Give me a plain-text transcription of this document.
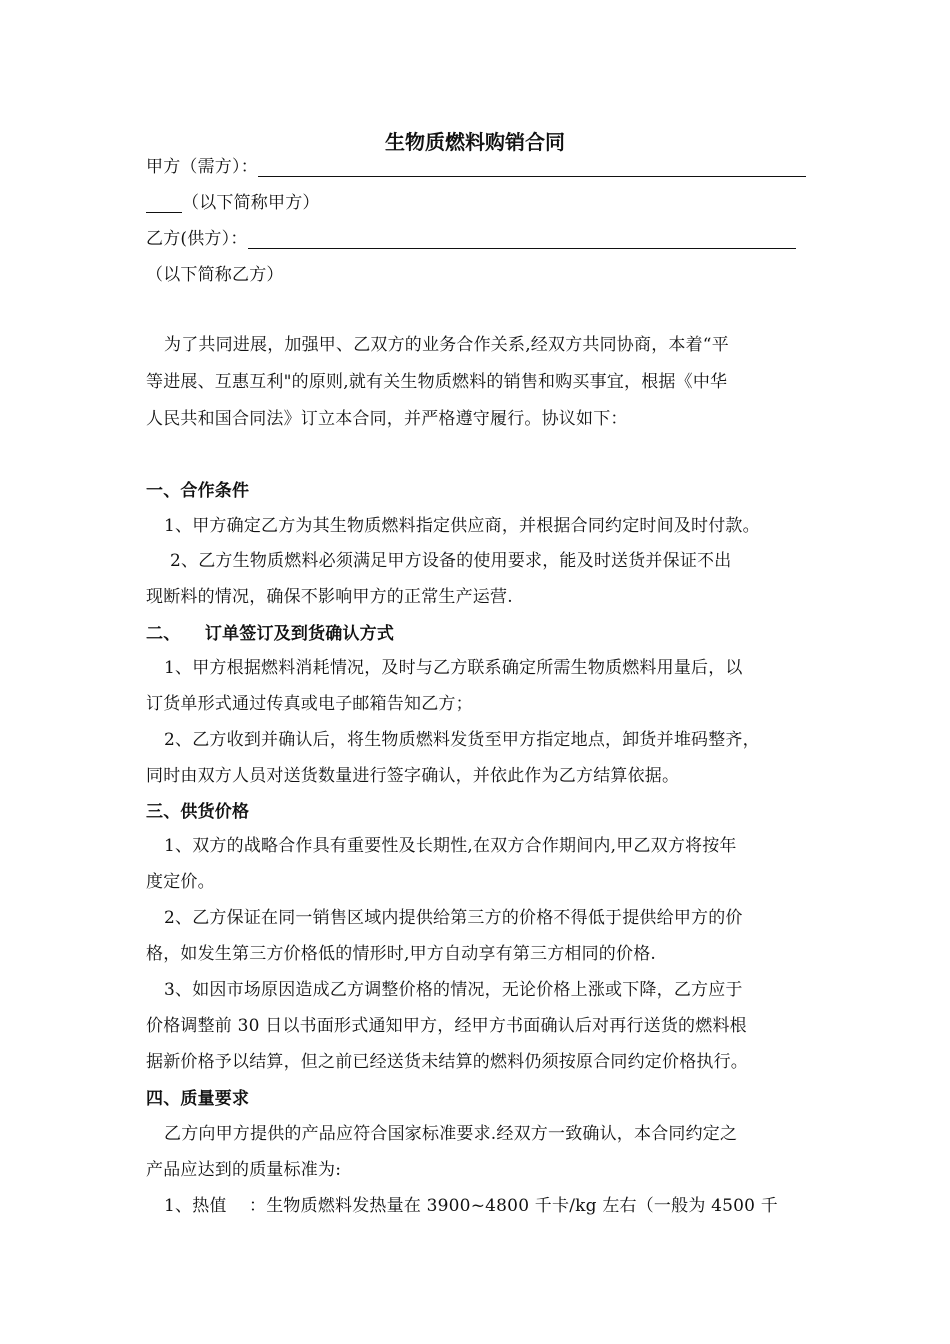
生物质燃料购销合同
甲方（需方）：
（以下简称甲方）
乙方(供方）：
（以下简称乙方）
为了共同进展，加强甲、乙双方的业务合作关系,经双方共同协商，本着“平
等进展、互惠互利"的原则,就有关生物质燃料的销售和购买事宜，根据《中华
人民共和国合同法》订立本合同，并严格遵守履行。协议如下：
一、合作条件
1、甲方确定乙方为其生物质燃料指定供应商，并根据合同约定时间及时付款。
2、乙方生物质燃料必须满足甲方设备的使用要求，能及时送货并保证不出
现断料的情况，确保不影响甲方的正常生产运营.
二、    订单签订及到货确认方式
1、甲方根据燃料消耗情况，及时与乙方联系确定所需生物质燃料用量后，以
订货单形式通过传真或电子邮箱告知乙方；
2、乙方收到并确认后，将生物质燃料发货至甲方指定地点，卸货并堆码整齐，
同时由双方人员对送货数量进行签字确认，并依此作为乙方结算依据。
三、供货价格
1、双方的战略合作具有重要性及长期性,在双方合作期间内,甲乙双方将按年
度定价。
2、乙方保证在同一销售区域内提供给第三方的价格不得低于提供给甲方的价
格，如发生第三方价格低的情形时,甲方自动享有第三方相同的价格.
3、如因市场原因造成乙方调整价格的情况，无论价格上涨或下降，乙方应于
价格调整前 30 日以书面形式通知甲方，经甲方书面确认后对再行送货的燃料根
据新价格予以结算，但之前已经送货未结算的燃料仍须按原合同约定价格执行。
四、质量要求
乙方向甲方提供的产品应符合国家标准要求.经双方一致确认，本合同约定之
产品应达到的质量标准为:
1、热值    ：生物质燃料发热量在 3900~4800 千卡/kg 左右（一般为 4500 千
